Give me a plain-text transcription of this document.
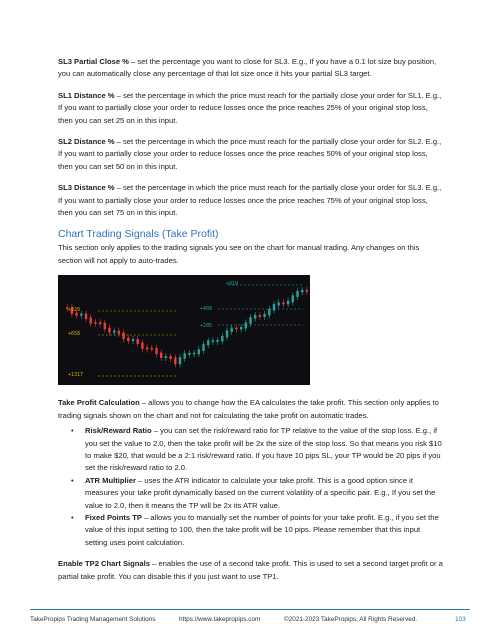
SL3 Partial Close % – set the percentage you want to close for SL3. E.g., If you have a 0.1 lot size buy position, you can automatically close any percentage of that lot size once it hits your partial SL3 target.

SL1 Distance % – set the percentage in which the price must reach for the partially close your order for SL1. E.g., If you want to partially close your order to reduce losses once the price reaches 25% of your original stop loss, then you can set 25 on in this input.

SL2 Distance % – set the percentage in which the price must reach for the partially close your order for SL2. E.g., If you want to partially close your order to reduce losses once the price reaches 50% of your original stop loss, then you can set 50 on in this input.

SL3 Distance % – set the percentage in which the price must reach for the partially close your order for SL3. E.g., If you want to partially close your order to reduce losses once the price reaches 75% of your original stop loss, then you can set 75 on in this input.

Chart Trading Signals (Take Profit)

This section only applies to the trading signals you see on the chart for manual trading. Any changes on this section will not apply to auto-trades.

+819
+409
+205
+329
+658
+1317

Take Profit Calculation – allows you to change how the EA calculates the take profit. This section only applies to trading signals shown on the chart and not for calculating the take profit on automatic trades.

• Risk/Reward Ratio – you can set the risk/reward ratio for TP relative to the value of the stop loss. E.g., if you set the value to 2.0, then the take profit will be 2x the size of the stop loss. So that means you risk $10 to make $20, that would be a 2:1 risk/reward ratio. If you have 10 pips SL, your TP would be 20 pips if you set the risk/reward ratio to 2.0.
• ATR Multiplier – uses the ATR indicator to calculate your take profit. This is a good option since it measures your take profit dynamically based on the current volatility of a specific pair. E.g., If you set the value to 2.0, then it means the TP will be 2x its ATR value.
• Fixed Points TP – allows you to manually set the number of points for your take profit. E.g., if you set the value of this input setting to 100, then the take profit will be 10 pips. Please remember that this input setting uses point calculation.

Enable TP2 Chart Signals – enables the use of a second take profit. This is used to set a second target profit or a partial take profit. You can disable this if you just want to use TP1.

TakePropips Trading Management Solutions	https://www.takepropips.com	©2021-2023 TakePropips, All Rights Reserved.	103
